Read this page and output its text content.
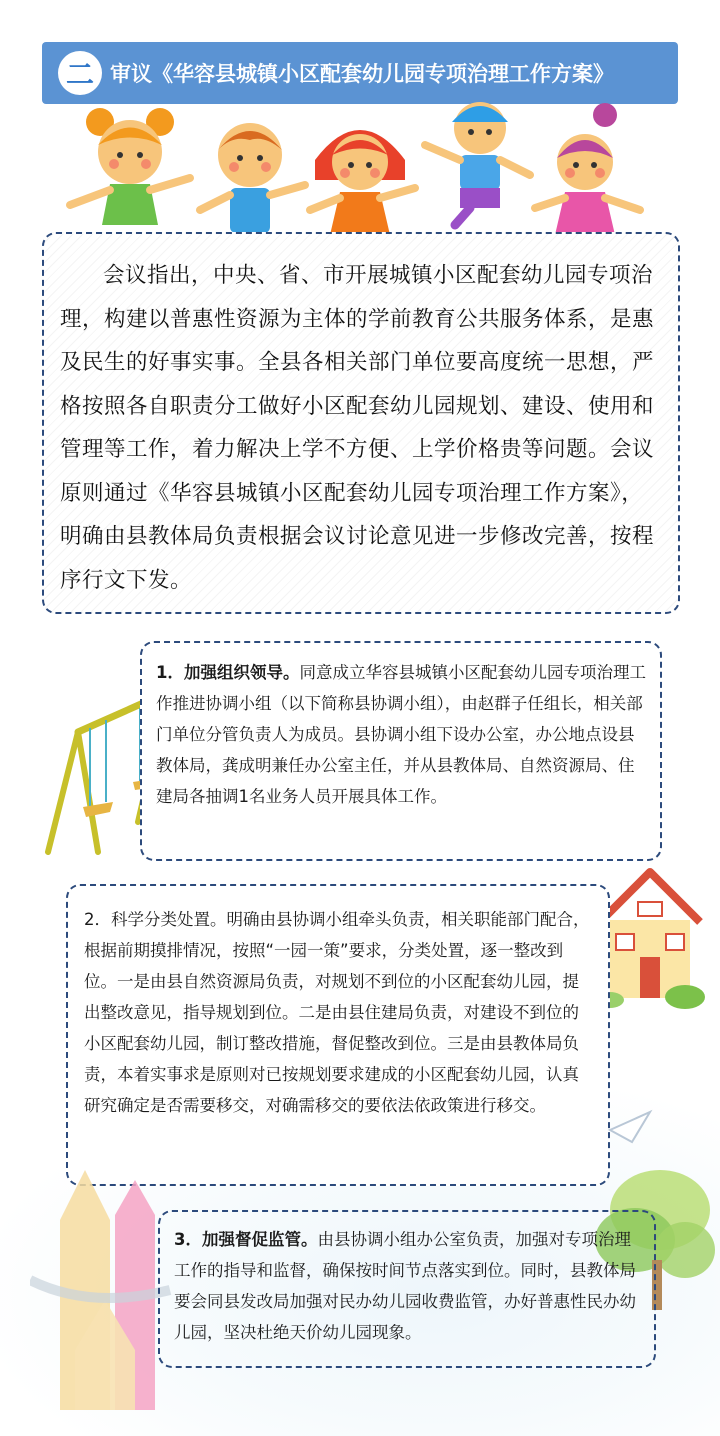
二 审议《华容县城镇小区配套幼儿园专项治理工作方案》

会议指出，中央、省、市开展城镇小区配套幼儿园专项治理，构建以普惠性资源为主体的学前教育公共服务体系，是惠及民生的好事实事。全县各相关部门单位要高度统一思想，严格按照各自职责分工做好小区配套幼儿园规划、建设、使用和管理等工作，着力解决上学不方便、上学价格贵等问题。会议原则通过《华容县城镇小区配套幼儿园专项治理工作方案》，明确由县教体局负责根据会议讨论意见进一步修改完善，按程序行文下发。

1．加强组织领导。同意成立华容县城镇小区配套幼儿园专项治理工作推进协调小组（以下简称县协调小组），由赵群子任组长，相关部门单位分管负责人为成员。县协调小组下设办公室，办公地点设县教体局，龚成明兼任办公室主任，并从县教体局、自然资源局、住建局各抽调1名业务人员开展具体工作。

2．科学分类处置。明确由县协调小组牵头负责，相关职能部门配合，根据前期摸排情况，按照“一园一策”要求，分类处置，逐一整改到位。一是由县自然资源局负责，对规划不到位的小区配套幼儿园，提出整改意见，指导规划到位。二是由县住建局负责，对建设不到位的小区配套幼儿园，制订整改措施，督促整改到位。三是由县教体局负责，本着实事求是原则对已按规划要求建成的小区配套幼儿园，认真研究确定是否需要移交，对确需移交的要依法依政策进行移交。

3．加强督促监管。由县协调小组办公室负责，加强对专项治理工作的指导和监督，确保按时间节点落实到位。同时，县教体局要会同县发改局加强对民办幼儿园收费监管，办好普惠性民办幼儿园，坚决杜绝天价幼儿园现象。
